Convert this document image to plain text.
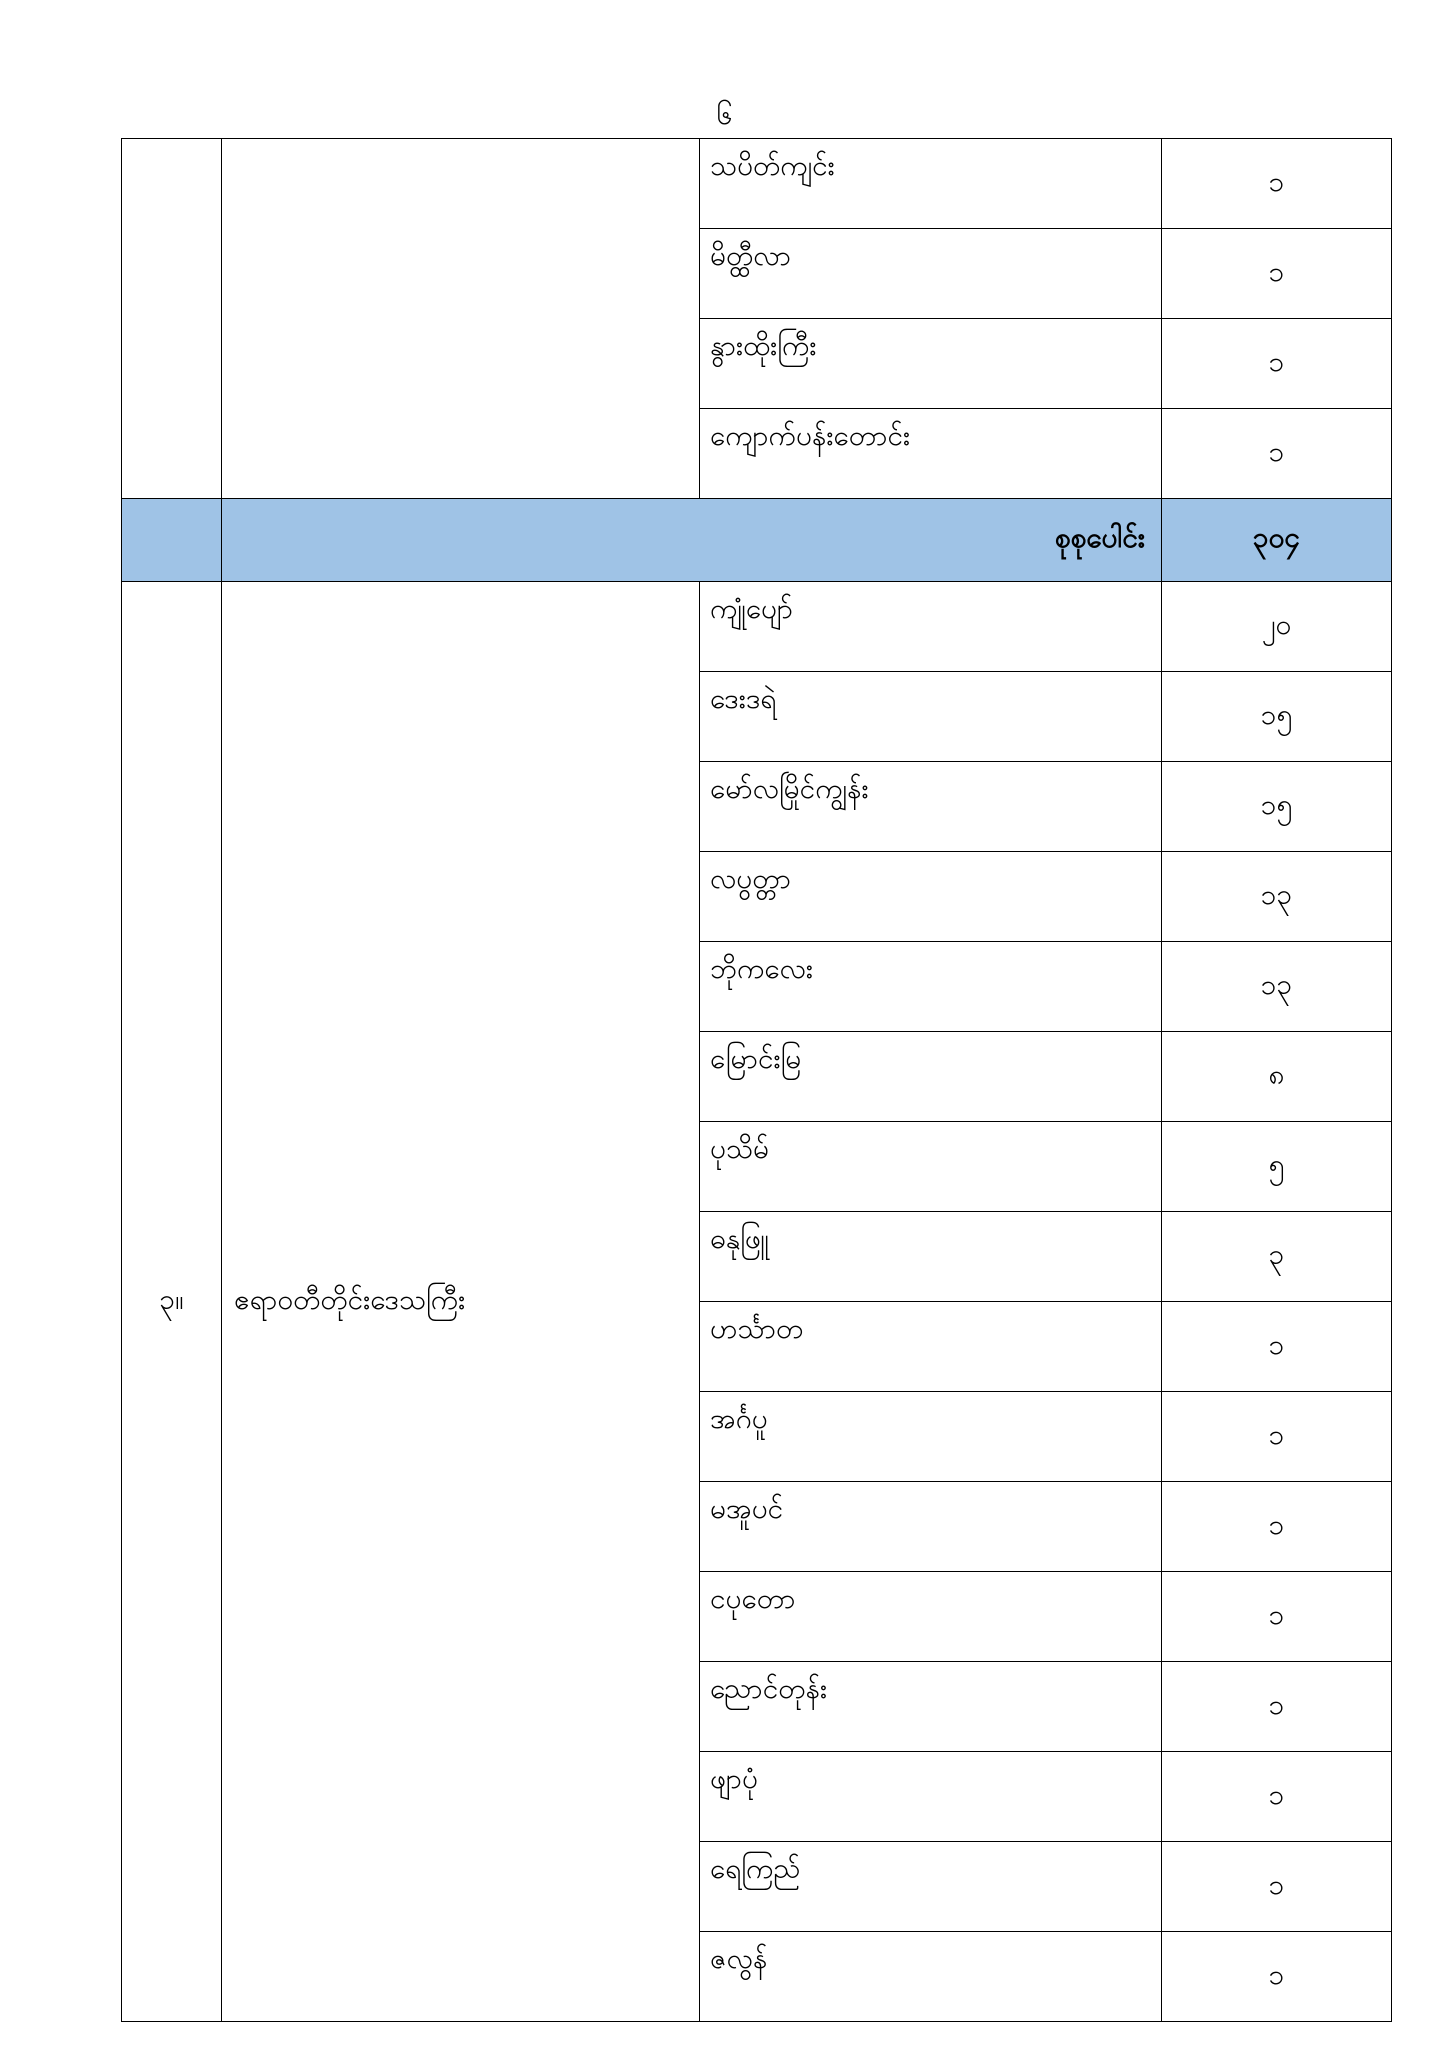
၆
		သပိတ်ကျင်း	၁
		မိတ္ထီလာ	၁
		နွားထိုးကြီး	၁
		ကျောက်ပန်းတောင်း	၁
	စုစုပေါင်း		၃၀၄
၃။	ဧရာဝတီတိုင်းဒေသကြီး	ကျုံပျော်	၂၀
		ဒေးဒရဲ	၁၅
		မော်လမြိုင်ကျွန်း	၁၅
		လပွတ္တာ	၁၃
		ဘိုကလေး	၁၃
		မြောင်းမြ	၈
		ပုသိမ်	၅
		ဓနုဖြူ	၃
		ဟင်္သာတ	၁
		အင်္ဂပူ	၁
		မအူပင်	၁
		ငပုတော	၁
		ညောင်တုန်း	၁
		ဖျာပုံ	၁
		ရေကြည်	၁
		ဇလွန်	၁
